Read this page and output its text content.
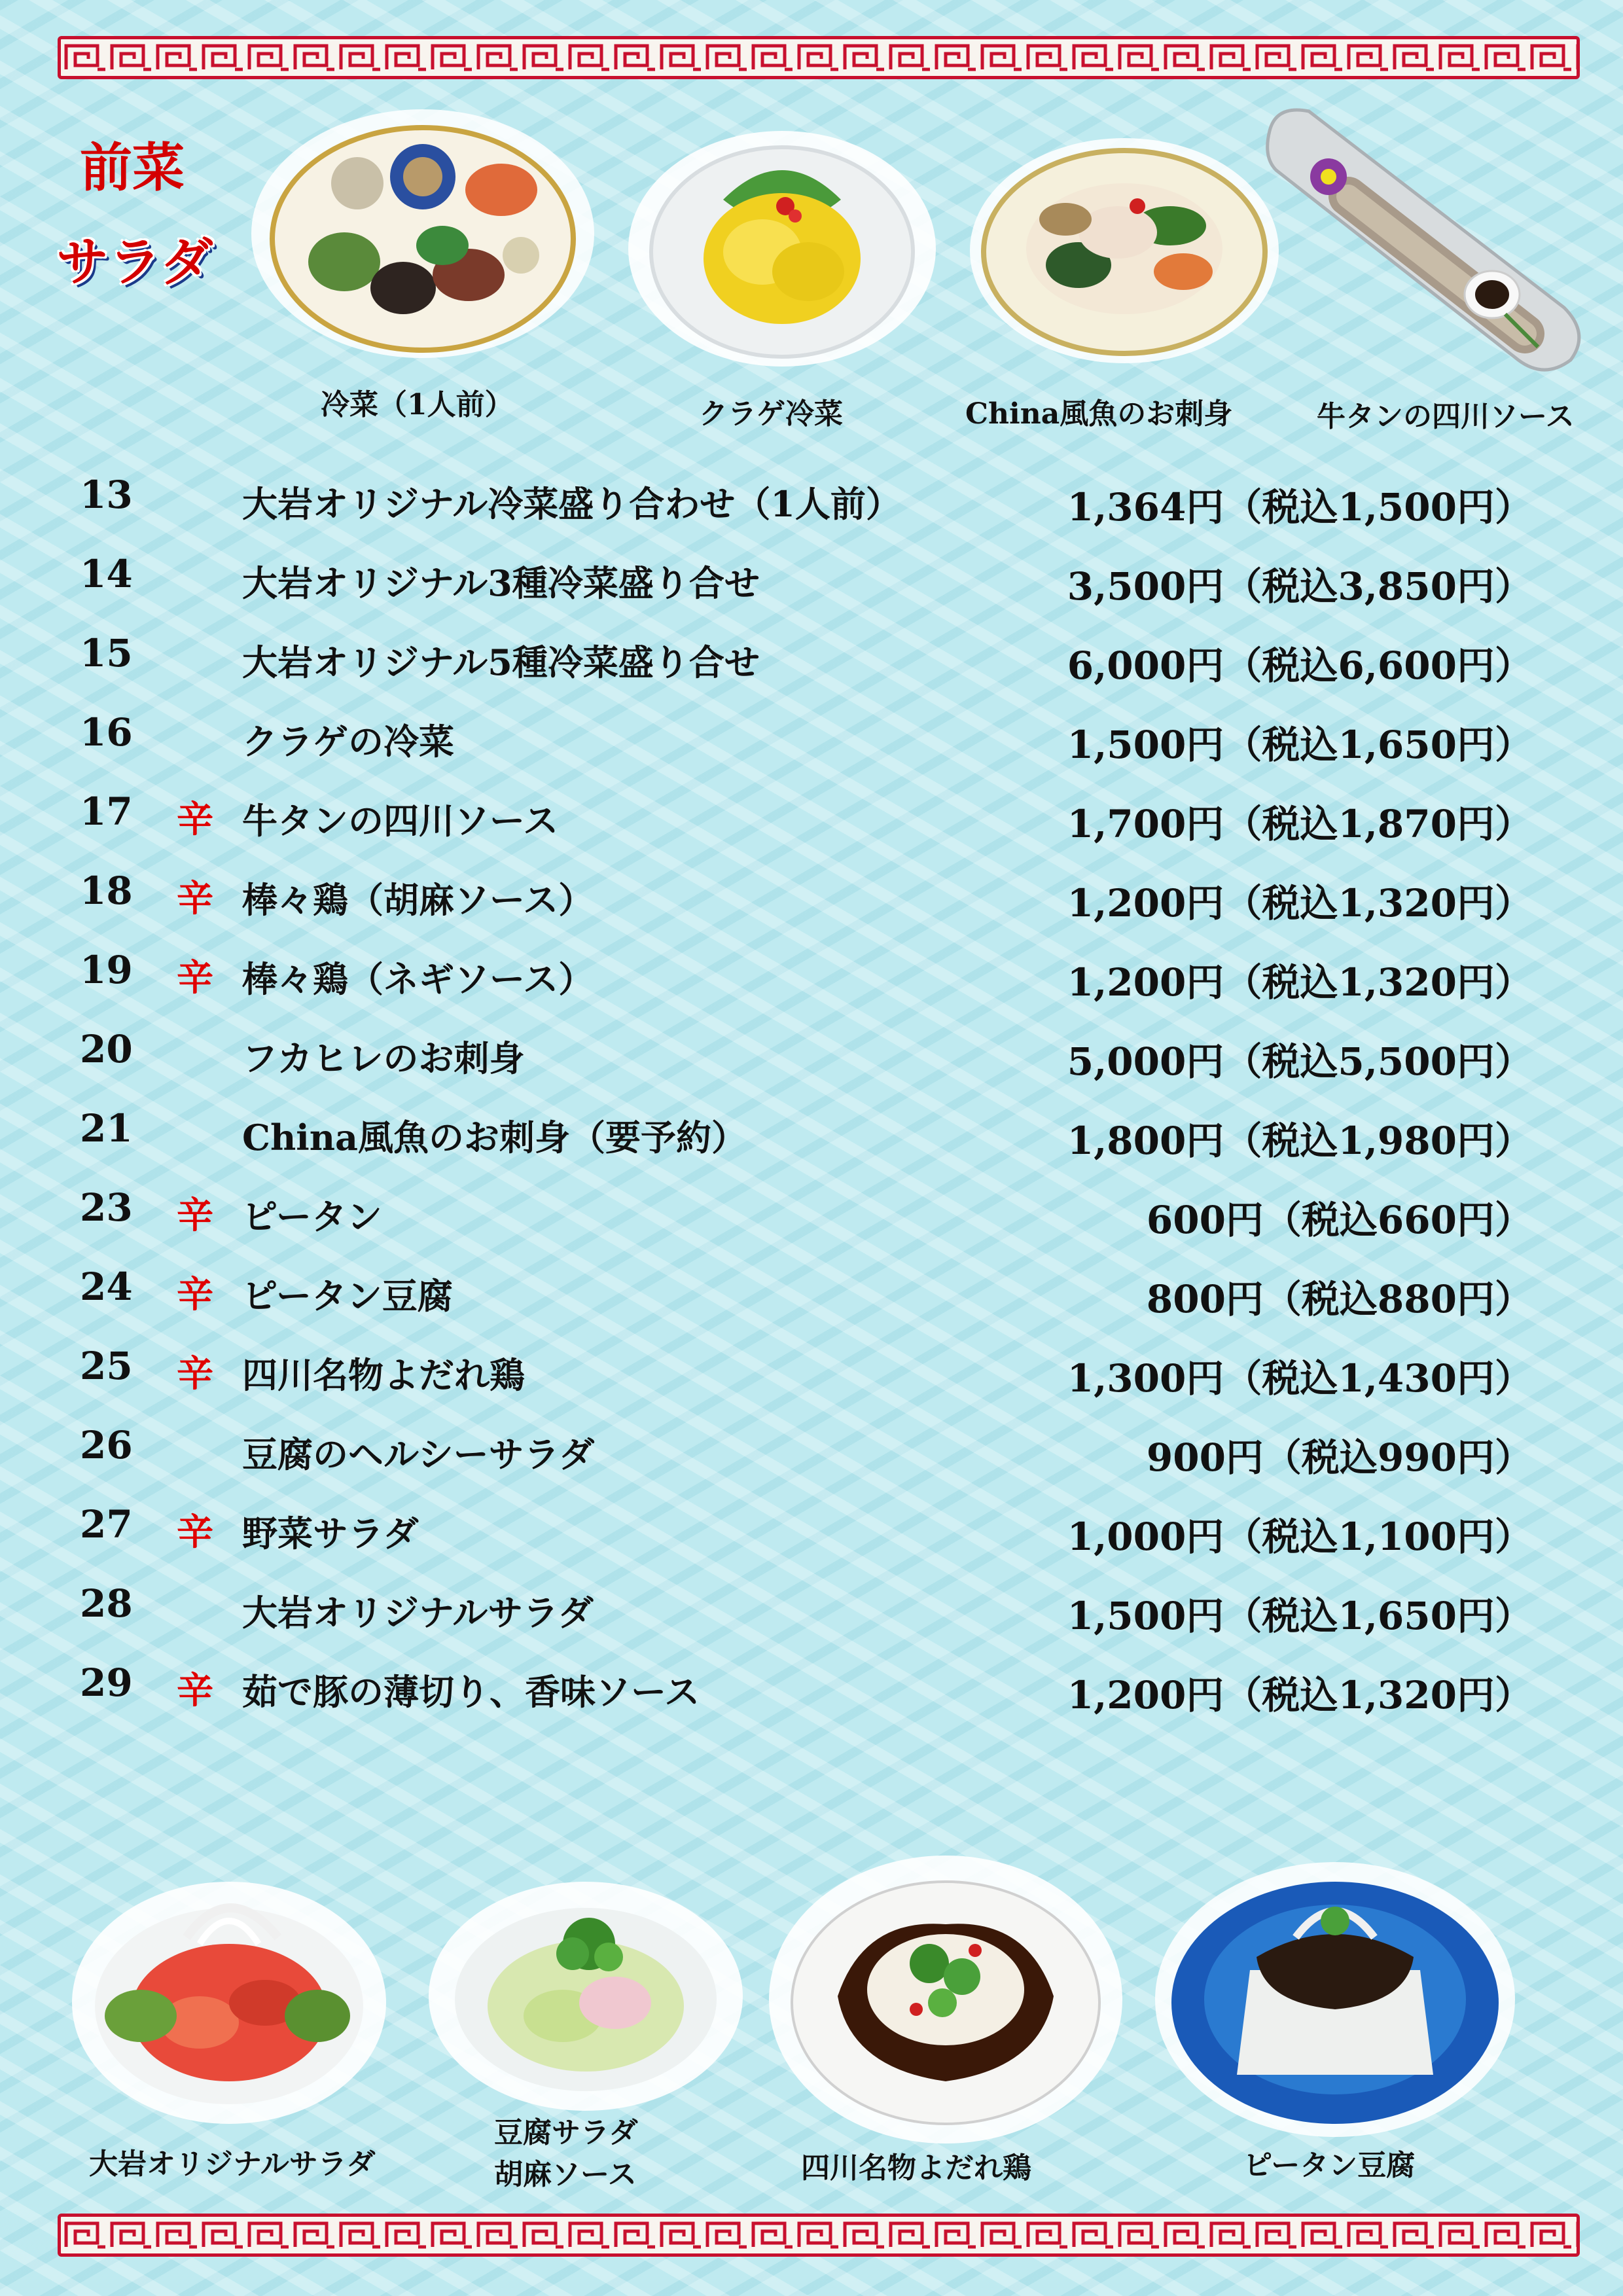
前菜
サラダ
冷菜（1人前）	クラゲ冷菜	China風魚のお刺身	牛タンの四川ソース
13	大岩オリジナル冷菜盛り合わせ（1人前）	1,364円（税込1,500円）
14	大岩オリジナル3種冷菜盛り合せ	3,500円（税込3,850円）
15	大岩オリジナル5種冷菜盛り合せ	6,000円（税込6,600円）
16	クラゲの冷菜	1,500円（税込1,650円）
17 辛 牛タンの四川ソース	1,700円（税込1,870円）
18 辛 棒々鶏（胡麻ソース）	1,200円（税込1,320円）
19 辛 棒々鶏（ネギソース）	1,200円（税込1,320円）
20	フカヒレのお刺身	5,000円（税込5,500円）
21	China風魚のお刺身（要予約）	1,800円（税込1,980円）
23 辛 ピータン	600円（税込660円）
24 辛 ピータン豆腐	800円（税込880円）
25 辛 四川名物よだれ鶏	1,300円（税込1,430円）
26	豆腐のヘルシーサラダ	900円（税込990円）
27 辛 野菜サラダ	1,000円（税込1,100円）
28	大岩オリジナルサラダ	1,500円（税込1,650円）
29 辛 茹で豚の薄切り、香味ソース	1,200円（税込1,320円）
大岩オリジナルサラダ
豆腐サラダ
胡麻ソース	四川名物よだれ鶏	ピータン豆腐
